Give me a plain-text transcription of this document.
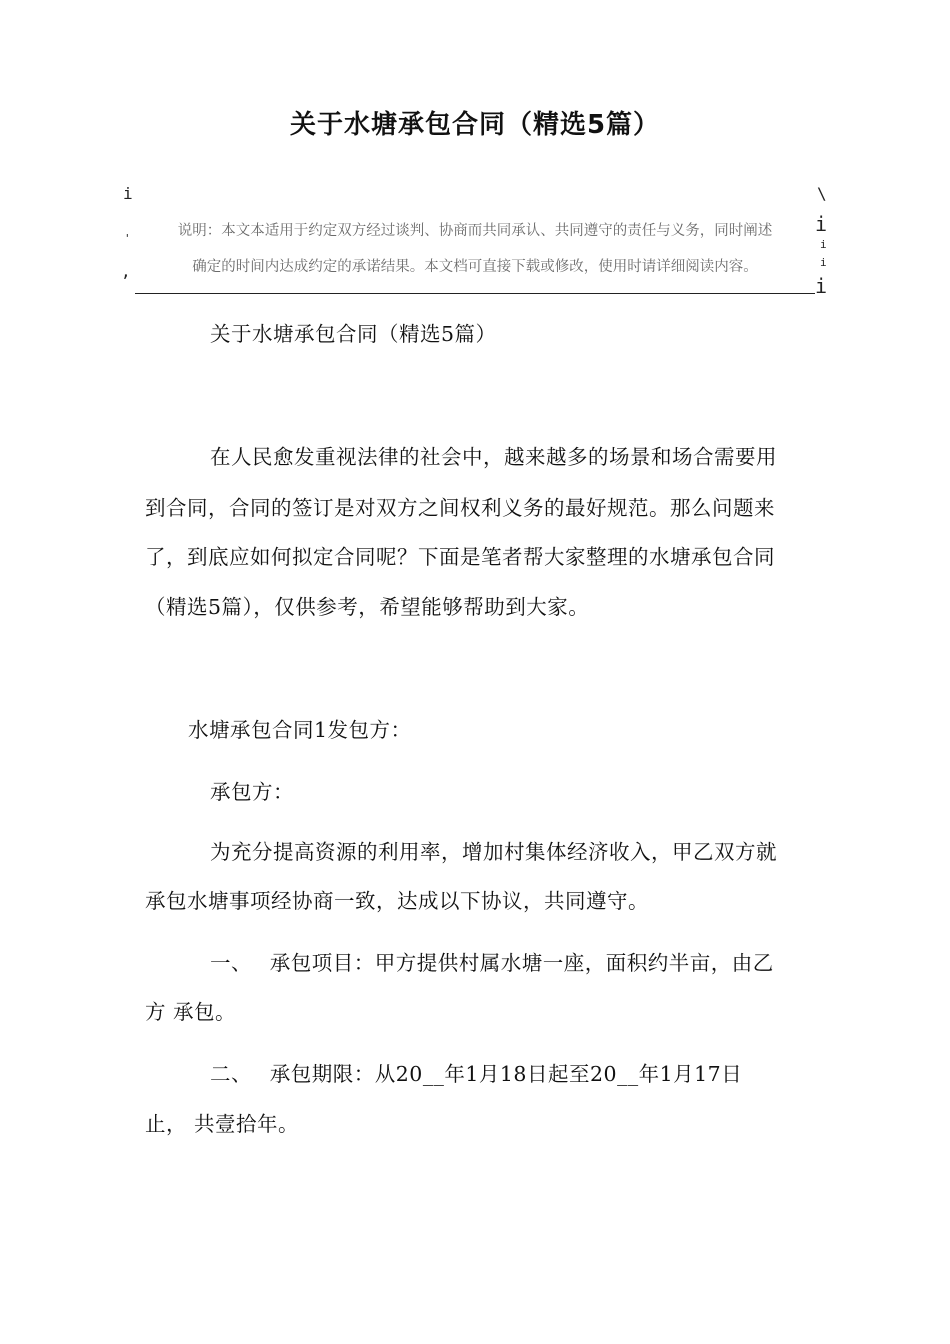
关于水塘承包合同（精选5篇）
i
'
,
\
i
i
i
i
说明：本文本适用于约定双方经过谈判、协商而共同承认、共同遵守的责任与义务，同时阐述
确定的时间内达成约定的承诺结果。本文档可直接下载或修改，使用时请详细阅读内容。
关于水塘承包合同（精选5篇）
在人民愈发重视法律的社会中，越来越多的场景和场合需要用
到合同，合同的签订是对双方之间权利义务的最好规范。那么问题来
了，到底应如何拟定合同呢？下面是笔者帮大家整理的水塘承包合同
（精选5篇），仅供参考，希望能够帮助到大家。
水塘承包合同1发包方：
承包方：
为充分提高资源的利用率，增加村集体经济收入，甲乙双方就
承包水塘事项经协商一致，达成以下协议，共同遵守。
一、　 承包项目：甲方提供村属水塘一座，面积约半亩，由乙
方 承包。
二、　 承包期限：从20__年1月18日起至20__年1月17日
止， 共壹拾年。
